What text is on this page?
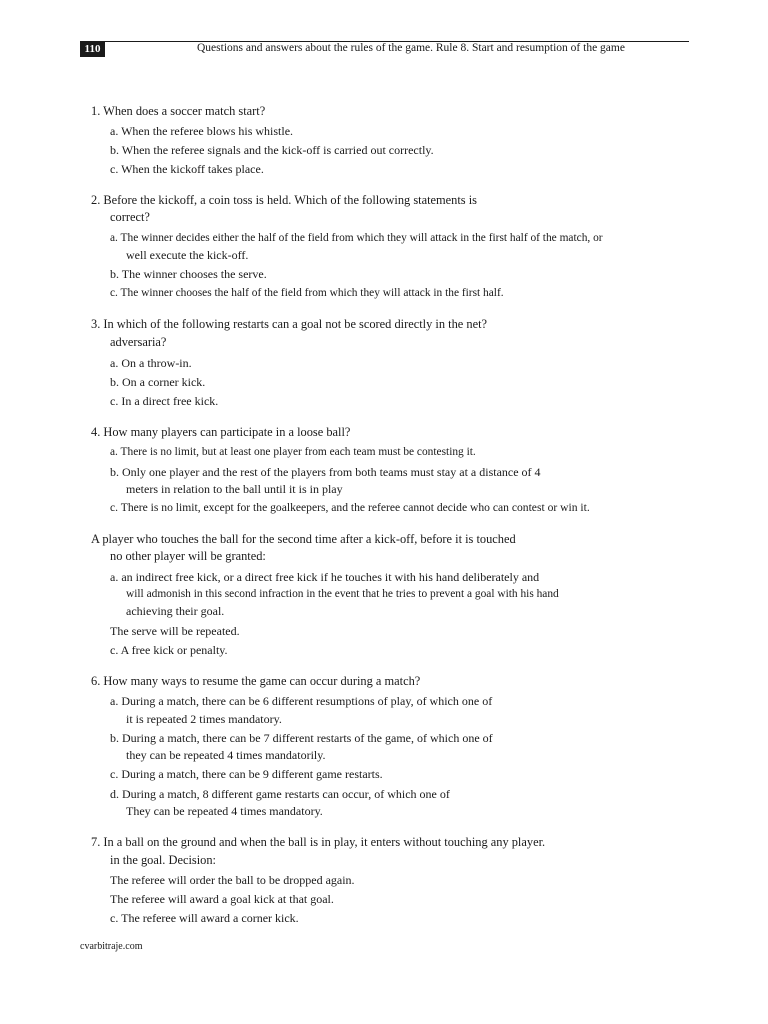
110	Questions and answers about the rules of the game. Rule 8. Start and resumption of the game
1. When does a soccer match start?
a. When the referee blows his whistle.
b. When the referee signals and the kick-off is carried out correctly.
c. When the kickoff takes place.
2. Before the kickoff, a coin toss is held. Which of the following statements is
correct?
a. The winner decides either the half of the field from which they will attack in the first half of the match, or
well execute the kick-off.
b. The winner chooses the serve.
c. The winner chooses the half of the field from which they will attack in the first half.
3. In which of the following restarts can a goal not be scored directly in the net?
adversaria?
a. On a throw-in.
b. On a corner kick.
c. In a direct free kick.
4. How many players can participate in a loose ball?
a. There is no limit, but at least one player from each team must be contesting it.
b. Only one player and the rest of the players from both teams must stay at a distance of 4
meters in relation to the ball until it is in play
c. There is no limit, except for the goalkeepers, and the referee cannot decide who can contest or win it.
A player who touches the ball for the second time after a kick-off, before it is touched
no other player will be granted:
a. an indirect free kick, or a direct free kick if he touches it with his hand deliberately and
will admonish in this second infraction in the event that he tries to prevent a goal with his hand
achieving their goal.
The serve will be repeated.
c. A free kick or penalty.
6. How many ways to resume the game can occur during a match?
a. During a match, there can be 6 different resumptions of play, of which one of
it is repeated 2 times mandatory.
b. During a match, there can be 7 different restarts of the game, of which one of
they can be repeated 4 times mandatorily.
c. During a match, there can be 9 different game restarts.
d. During a match, 8 different game restarts can occur, of which one of
They can be repeated 4 times mandatory.
7. In a ball on the ground and when the ball is in play, it enters without touching any player.
in the goal. Decision:
The referee will order the ball to be dropped again.
The referee will award a goal kick at that goal.
c. The referee will award a corner kick.
cvarbitraje.com
